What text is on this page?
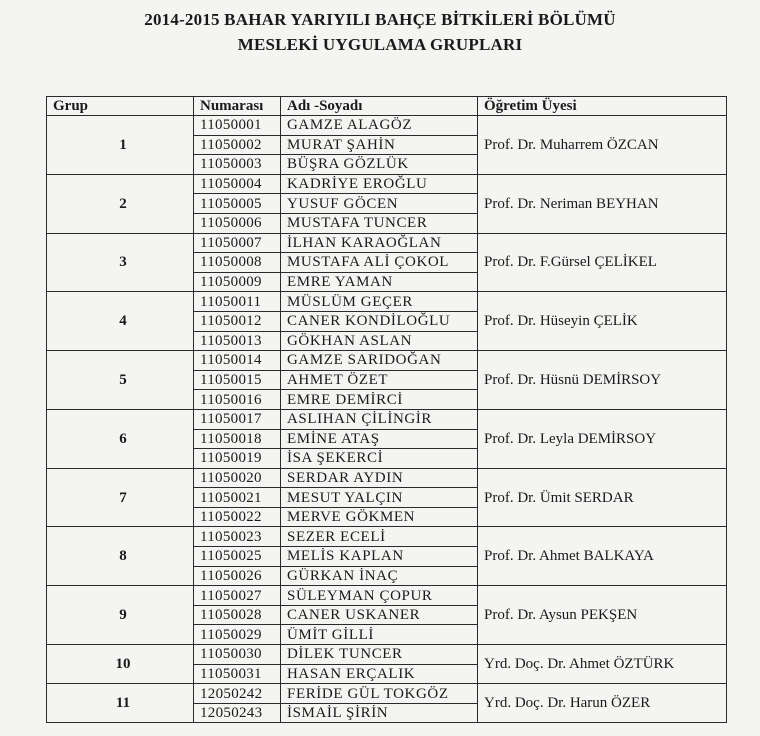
2014-2015 BAHAR YARIYILI BAHÇE BİTKİLERİ BÖLÜMÜ
MESLEKİ UYGULAMA GRUPLARI
Grup	Numarası	Adı -Soyadı	Öğretim Üyesi
1	11050001	GAMZE ALAGÖZ	Prof. Dr. Muharrem ÖZCAN
	11050002	MURAT ŞAHİN	
	11050003	BÜŞRA GÖZLÜK	
2	11050004	KADRİYE EROĞLU	Prof. Dr. Neriman BEYHAN
	11050005	YUSUF GÖCEN	
	11050006	MUSTAFA TUNCER	
3	11050007	İLHAN KARAOĞLAN	Prof. Dr. F.Gürsel ÇELİKEL
	11050008	MUSTAFA ALİ ÇOKOL	
	11050009	EMRE YAMAN	
4	11050011	MÜSLÜM GEÇER	Prof. Dr. Hüseyin ÇELİK
	11050012	CANER KONDİLOĞLU	
	11050013	GÖKHAN ASLAN	
5	11050014	GAMZE SARIDOĞAN	Prof. Dr. Hüsnü DEMİRSOY
	11050015	AHMET ÖZET	
	11050016	EMRE DEMİRCİ	
6	11050017	ASLIHAN ÇİLİNGİR	Prof. Dr. Leyla DEMİRSOY
	11050018	EMİNE ATAŞ	
	11050019	İSA ŞEKERCİ	
7	11050020	SERDAR AYDIN	Prof. Dr. Ümit SERDAR
	11050021	MESUT YALÇIN	
	11050022	MERVE GÖKMEN	
8	11050023	SEZER ECELİ	Prof. Dr. Ahmet BALKAYA
	11050025	MELİS KAPLAN	
	11050026	GÜRKAN İNAÇ	
9	11050027	SÜLEYMAN ÇOPUR	Prof. Dr. Aysun PEKŞEN
	11050028	CANER USKANER	
	11050029	ÜMİT GİLLİ	
10	11050030	DİLEK TUNCER	Yrd. Doç. Dr. Ahmet ÖZTÜRK
	11050031	HASAN ERÇALIK	
11	12050242	FERİDE GÜL TOKGÖZ	Yrd. Doç. Dr. Harun ÖZER
	12050243	İSMAİL ŞİRİN	
